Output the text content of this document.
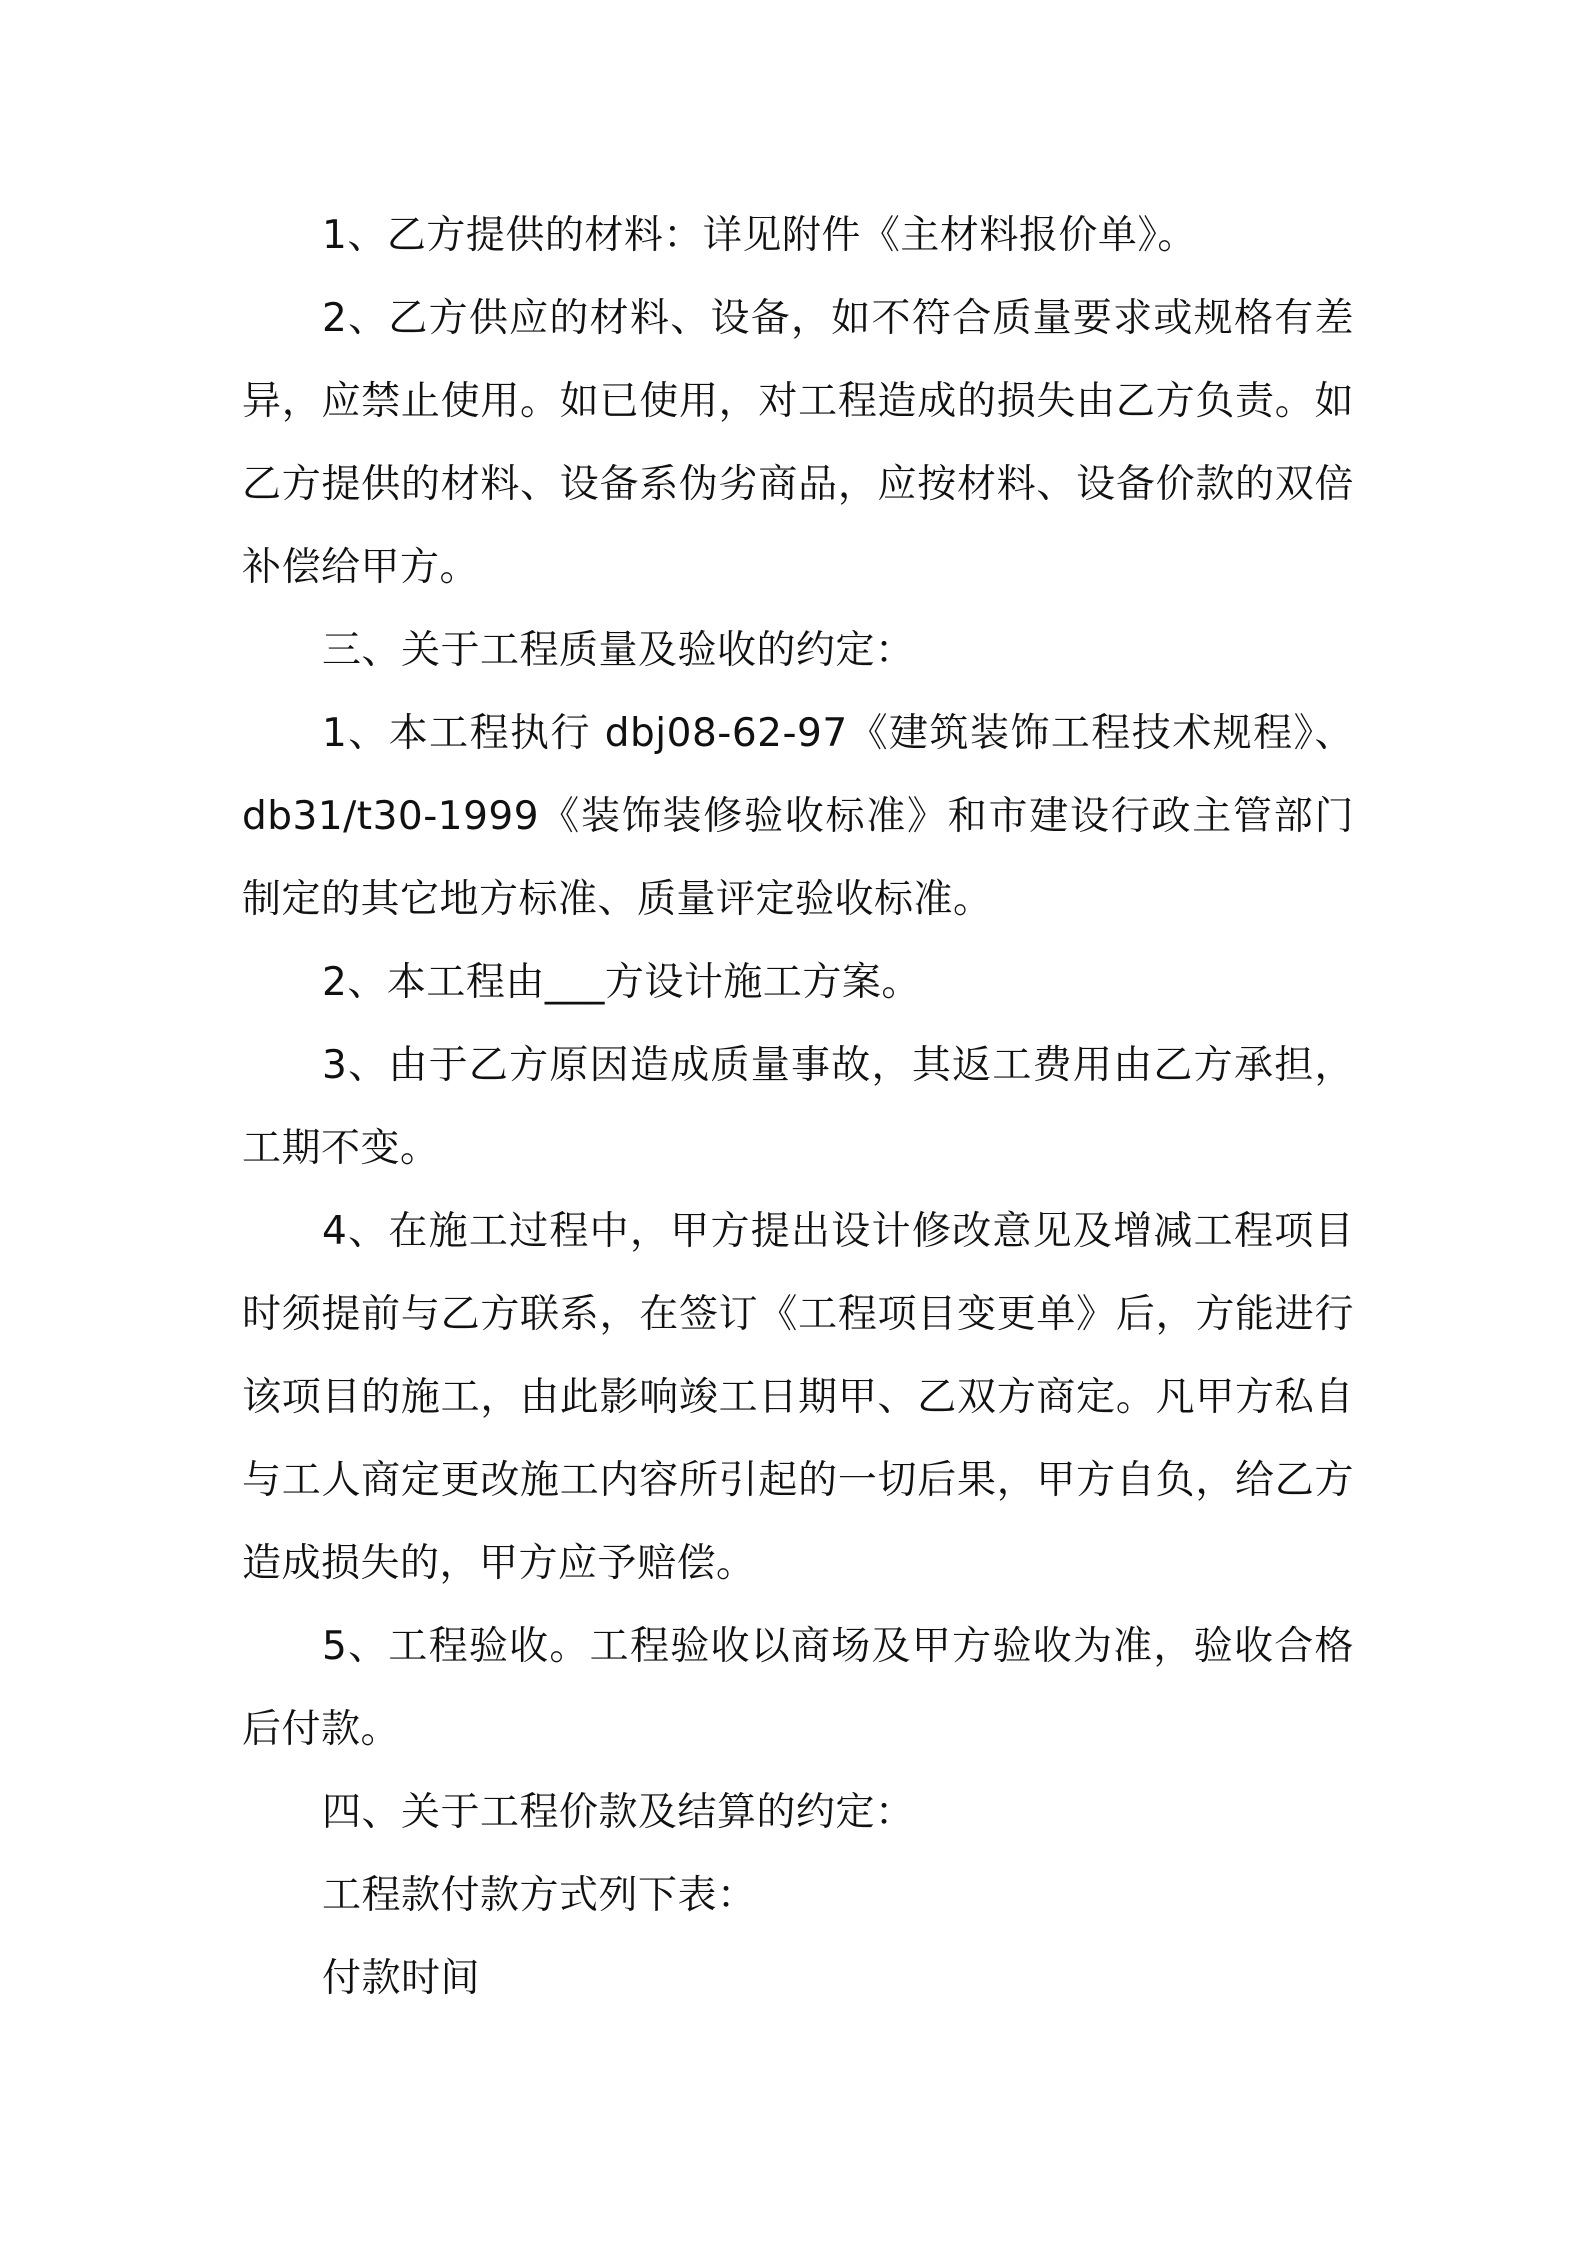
1、乙方提供的材料：详见附件《主材料报价单》。

2、乙方供应的材料、设备，如不符合质量要求或规格有差异，应禁止使用。如已使用，对工程造成的损失由乙方负责。如乙方提供的材料、设备系伪劣商品，应按材料、设备价款的双倍补偿给甲方。

三、关于工程质量及验收的约定：

1、本工程执行 dbj08-62-97《建筑装饰工程技术规程》、db31/t30-1999《装饰装修验收标准》和市建设行政主管部门制定的其它地方标准、质量评定验收标准。

2、本工程由___方设计施工方案。

3、由于乙方原因造成质量事故，其返工费用由乙方承担，工期不变。

4、在施工过程中，甲方提出设计修改意见及增减工程项目时须提前与乙方联系，在签订《工程项目变更单》后，方能进行该项目的施工，由此影响竣工日期甲、乙双方商定。凡甲方私自与工人商定更改施工内容所引起的一切后果，甲方自负，给乙方造成损失的，甲方应予赔偿。

5、工程验收。工程验收以商场及甲方验收为准，验收合格后付款。

四、关于工程价款及结算的约定：

工程款付款方式列下表：

付款时间
